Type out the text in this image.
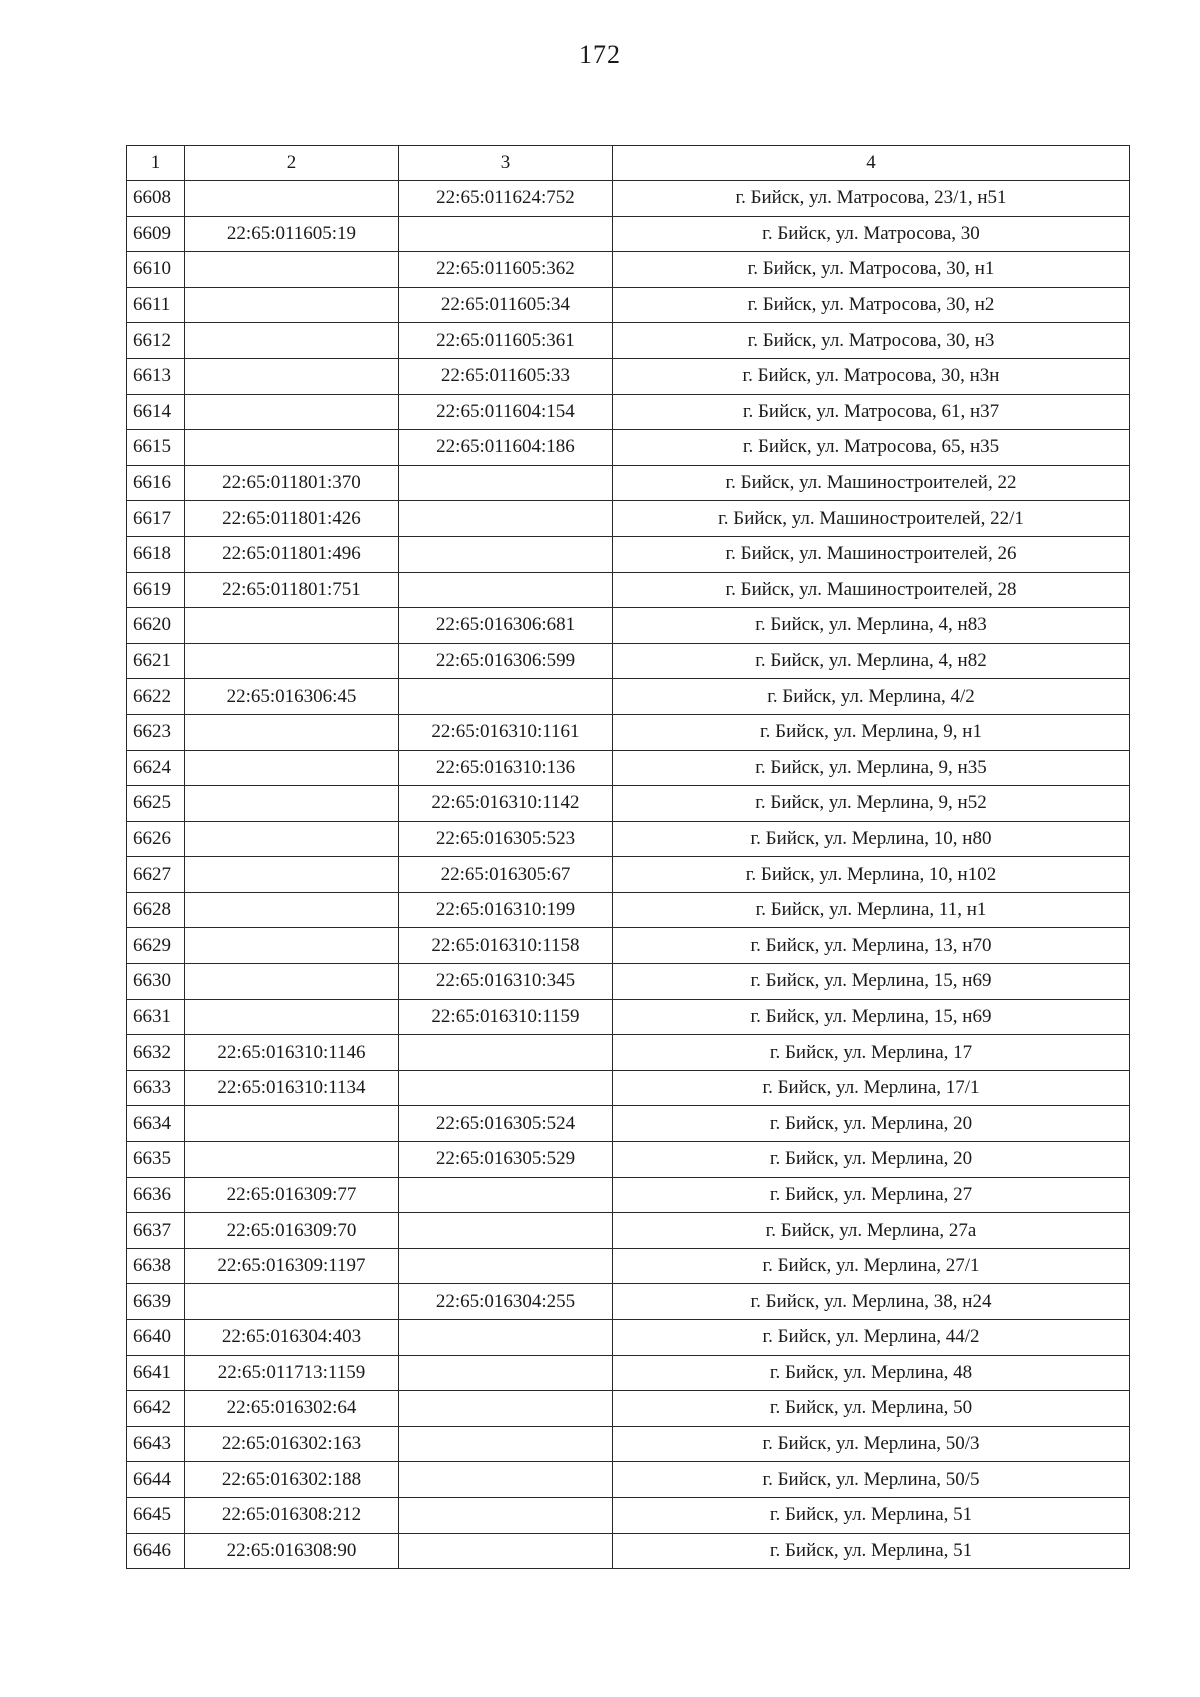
172
1	2	3	4
6608		22:65:011624:752	г. Бийск, ул. Матросова, 23/1, н51
6609	22:65:011605:19		г. Бийск, ул. Матросова, 30
6610		22:65:011605:362	г. Бийск, ул. Матросова, 30, н1
6611		22:65:011605:34	г. Бийск, ул. Матросова, 30, н2
6612		22:65:011605:361	г. Бийск, ул. Матросова, 30, н3
6613		22:65:011605:33	г. Бийск, ул. Матросова, 30, н3н
6614		22:65:011604:154	г. Бийск, ул. Матросова, 61, н37
6615		22:65:011604:186	г. Бийск, ул. Матросова, 65, н35
6616	22:65:011801:370		г. Бийск, ул. Машиностроителей, 22
6617	22:65:011801:426		г. Бийск, ул. Машиностроителей, 22/1
6618	22:65:011801:496		г. Бийск, ул. Машиностроителей, 26
6619	22:65:011801:751		г. Бийск, ул. Машиностроителей, 28
6620		22:65:016306:681	г. Бийск, ул. Мерлина, 4, н83
6621		22:65:016306:599	г. Бийск, ул. Мерлина, 4, н82
6622	22:65:016306:45		г. Бийск, ул. Мерлина, 4/2
6623		22:65:016310:1161	г. Бийск, ул. Мерлина, 9, н1
6624		22:65:016310:136	г. Бийск, ул. Мерлина, 9, н35
6625		22:65:016310:1142	г. Бийск, ул. Мерлина, 9, н52
6626		22:65:016305:523	г. Бийск, ул. Мерлина, 10, н80
6627		22:65:016305:67	г. Бийск, ул. Мерлина, 10, н102
6628		22:65:016310:199	г. Бийск, ул. Мерлина, 11, н1
6629		22:65:016310:1158	г. Бийск, ул. Мерлина, 13, н70
6630		22:65:016310:345	г. Бийск, ул. Мерлина, 15, н69
6631		22:65:016310:1159	г. Бийск, ул. Мерлина, 15, н69
6632	22:65:016310:1146		г. Бийск, ул. Мерлина, 17
6633	22:65:016310:1134		г. Бийск, ул. Мерлина, 17/1
6634		22:65:016305:524	г. Бийск, ул. Мерлина, 20
6635		22:65:016305:529	г. Бийск, ул. Мерлина, 20
6636	22:65:016309:77		г. Бийск, ул. Мерлина, 27
6637	22:65:016309:70		г. Бийск, ул. Мерлина, 27а
6638	22:65:016309:1197		г. Бийск, ул. Мерлина, 27/1
6639		22:65:016304:255	г. Бийск, ул. Мерлина, 38, н24
6640	22:65:016304:403		г. Бийск, ул. Мерлина, 44/2
6641	22:65:011713:1159		г. Бийск, ул. Мерлина, 48
6642	22:65:016302:64		г. Бийск, ул. Мерлина, 50
6643	22:65:016302:163		г. Бийск, ул. Мерлина, 50/3
6644	22:65:016302:188		г. Бийск, ул. Мерлина, 50/5
6645	22:65:016308:212		г. Бийск, ул. Мерлина, 51
6646	22:65:016308:90		г. Бийск, ул. Мерлина, 51
